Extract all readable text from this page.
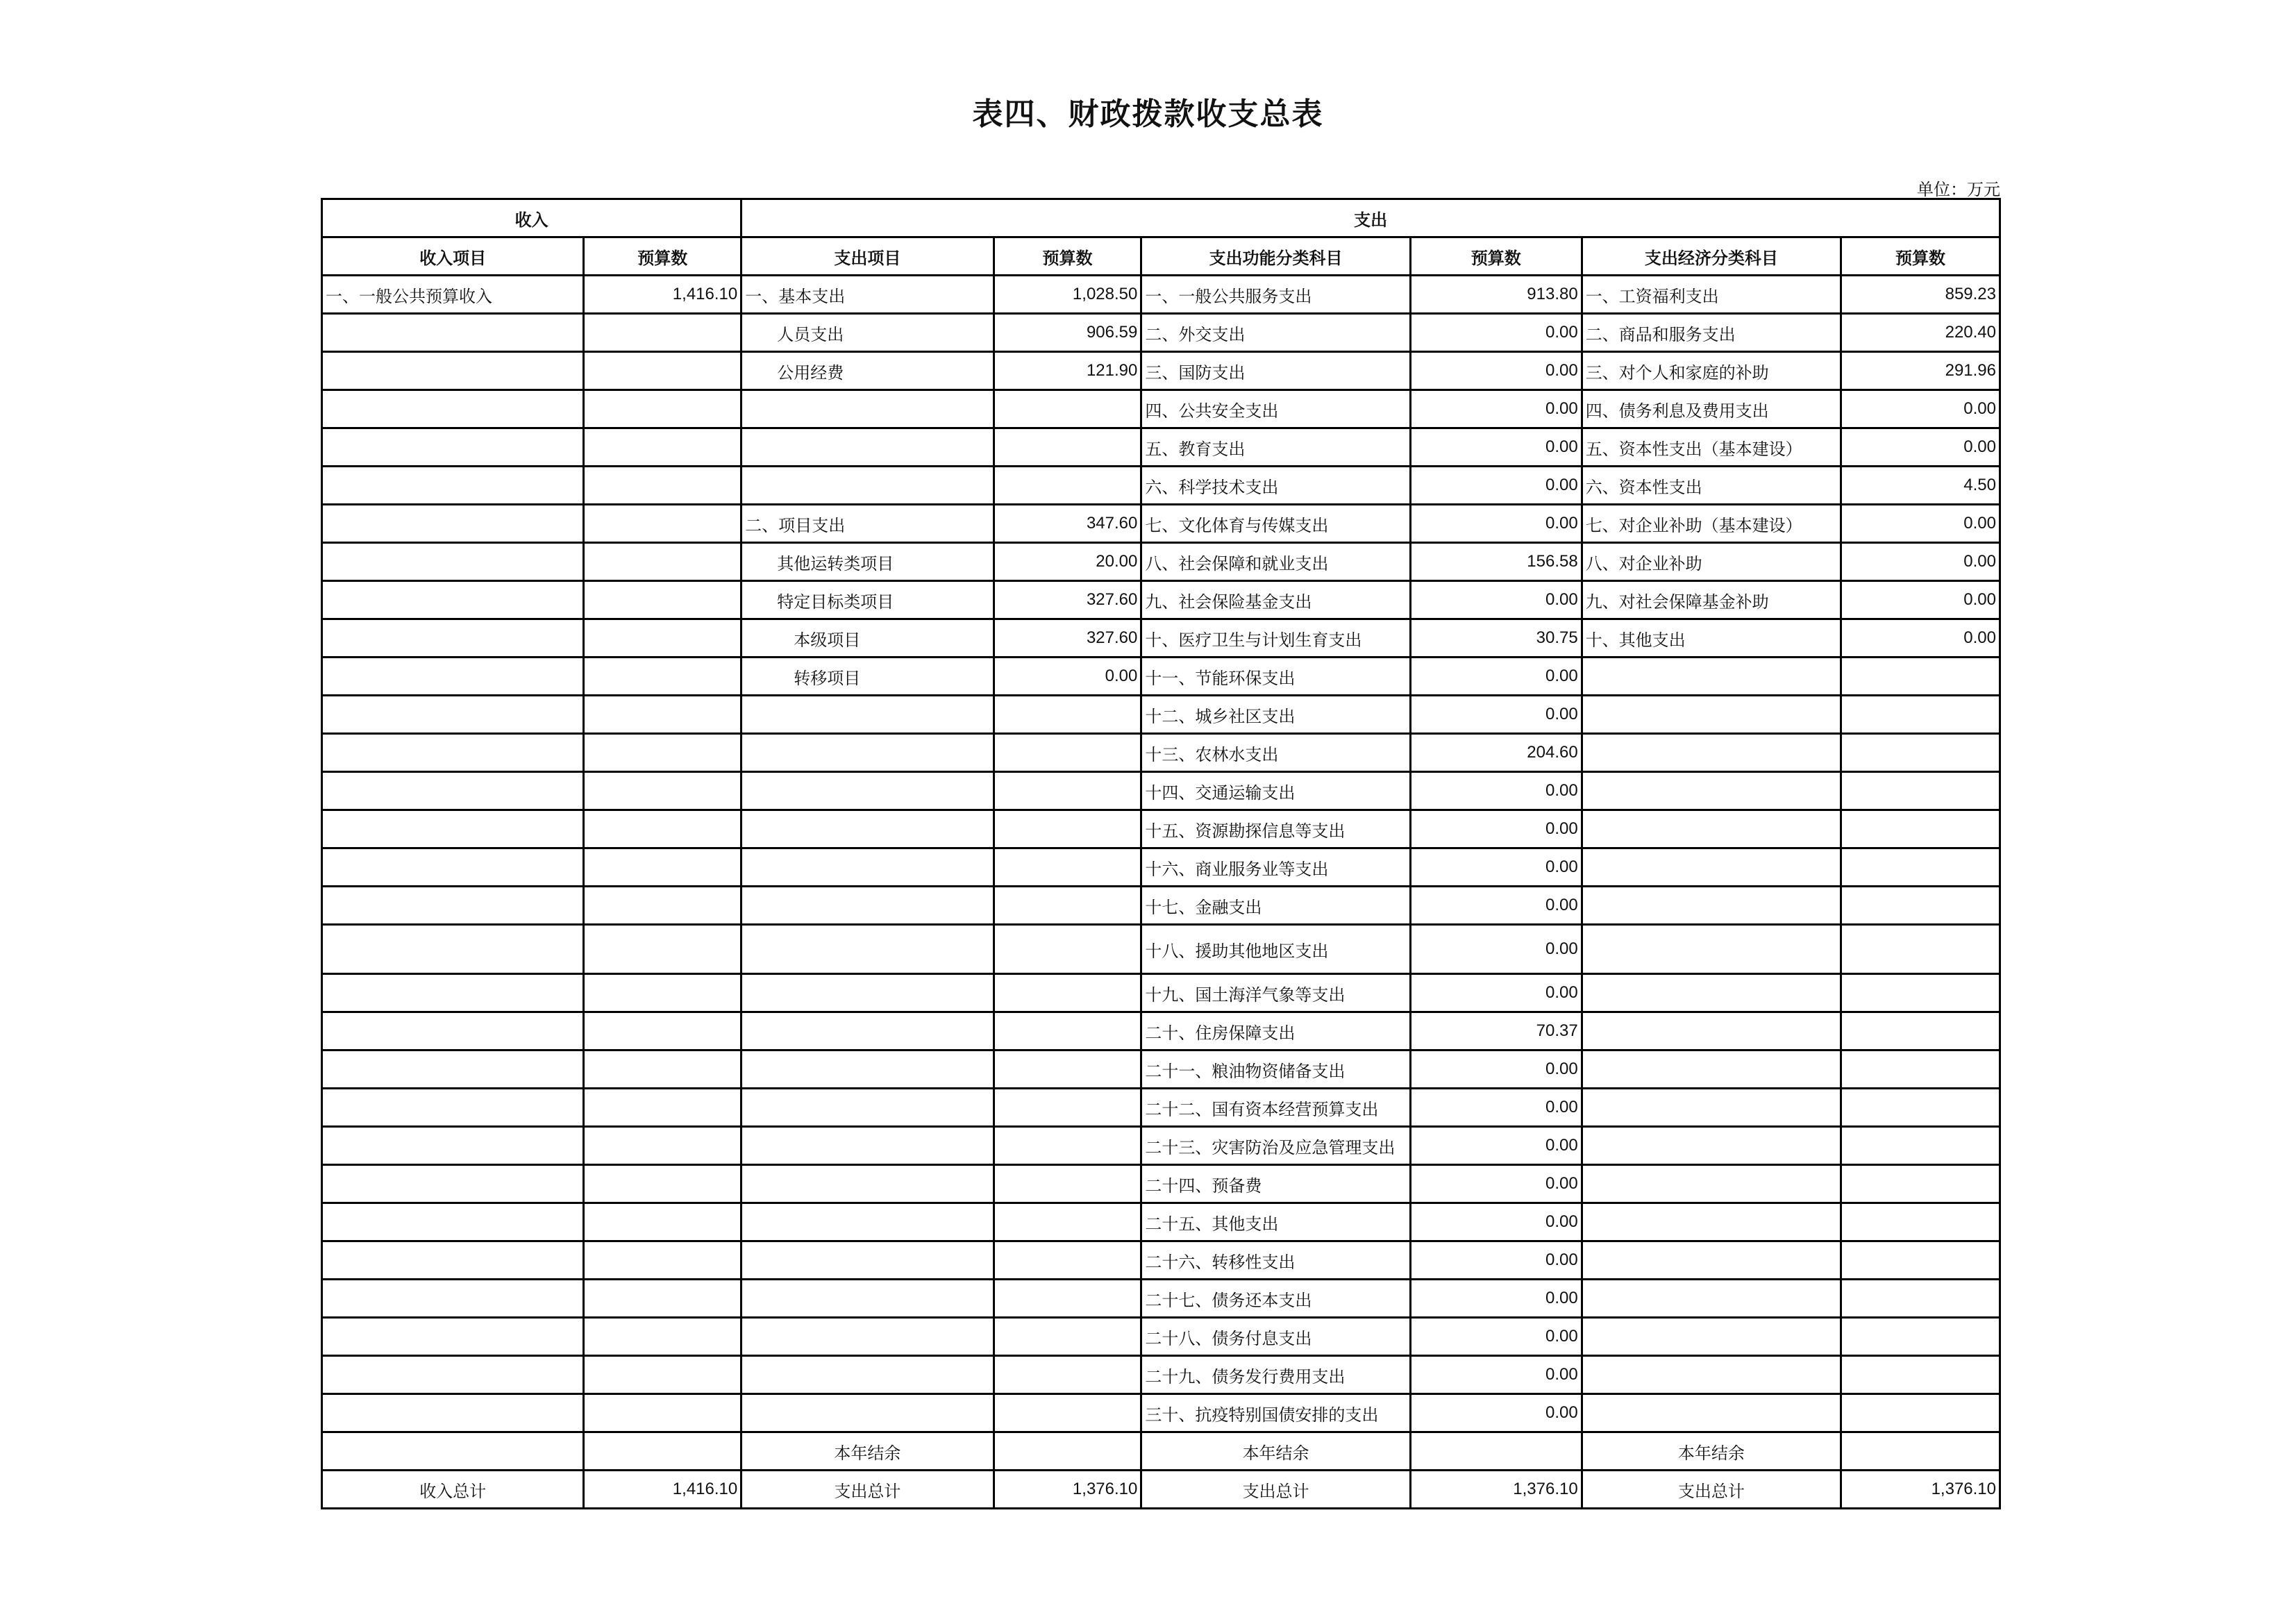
表四、财政拨款收支总表
单位：万元
收入		支出					
收入项目	预算数	支出项目	预算数	支出功能分类科目	预算数	支出经济分类科目	预算数
一、一般公共预算收入	1,416.10	一、基本支出	1,028.50	一、一般公共服务支出	913.80	一、工资福利支出	859.23
		人员支出	906.59	二、外交支出	0.00	二、商品和服务支出	220.40
		公用经费	121.90	三、国防支出	0.00	三、对个人和家庭的补助	291.96
				四、公共安全支出	0.00	四、债务利息及费用支出	0.00
				五、教育支出	0.00	五、资本性支出（基本建设）	0.00
				六、科学技术支出	0.00	六、资本性支出	4.50
		二、项目支出	347.60	七、文化体育与传媒支出	0.00	七、对企业补助（基本建设）	0.00
		其他运转类项目	20.00	八、社会保障和就业支出	156.58	八、对企业补助	0.00
		特定目标类项目	327.60	九、社会保险基金支出	0.00	九、对社会保障基金补助	0.00
		本级项目	327.60	十、医疗卫生与计划生育支出	30.75	十、其他支出	0.00
		转移项目	0.00	十一、节能环保支出	0.00		
				十二、城乡社区支出	0.00		
				十三、农林水支出	204.60		
				十四、交通运输支出	0.00		
				十五、资源勘探信息等支出	0.00		
				十六、商业服务业等支出	0.00		
				十七、金融支出	0.00		
				十八、援助其他地区支出	0.00		
				十九、国土海洋气象等支出	0.00		
				二十、住房保障支出	70.37		
				二十一、粮油物资储备支出	0.00		
				二十二、国有资本经营预算支出	0.00		
				二十三、灾害防治及应急管理支出	0.00		
				二十四、预备费	0.00		
				二十五、其他支出	0.00		
				二十六、转移性支出	0.00		
				二十七、债务还本支出	0.00		
				二十八、债务付息支出	0.00		
				二十九、债务发行费用支出	0.00		
				三十、抗疫特别国债安排的支出	0.00		
		本年结余		本年结余		本年结余	
收入总计	1,416.10	支出总计	1,376.10	支出总计	1,376.10	支出总计	1,376.10
